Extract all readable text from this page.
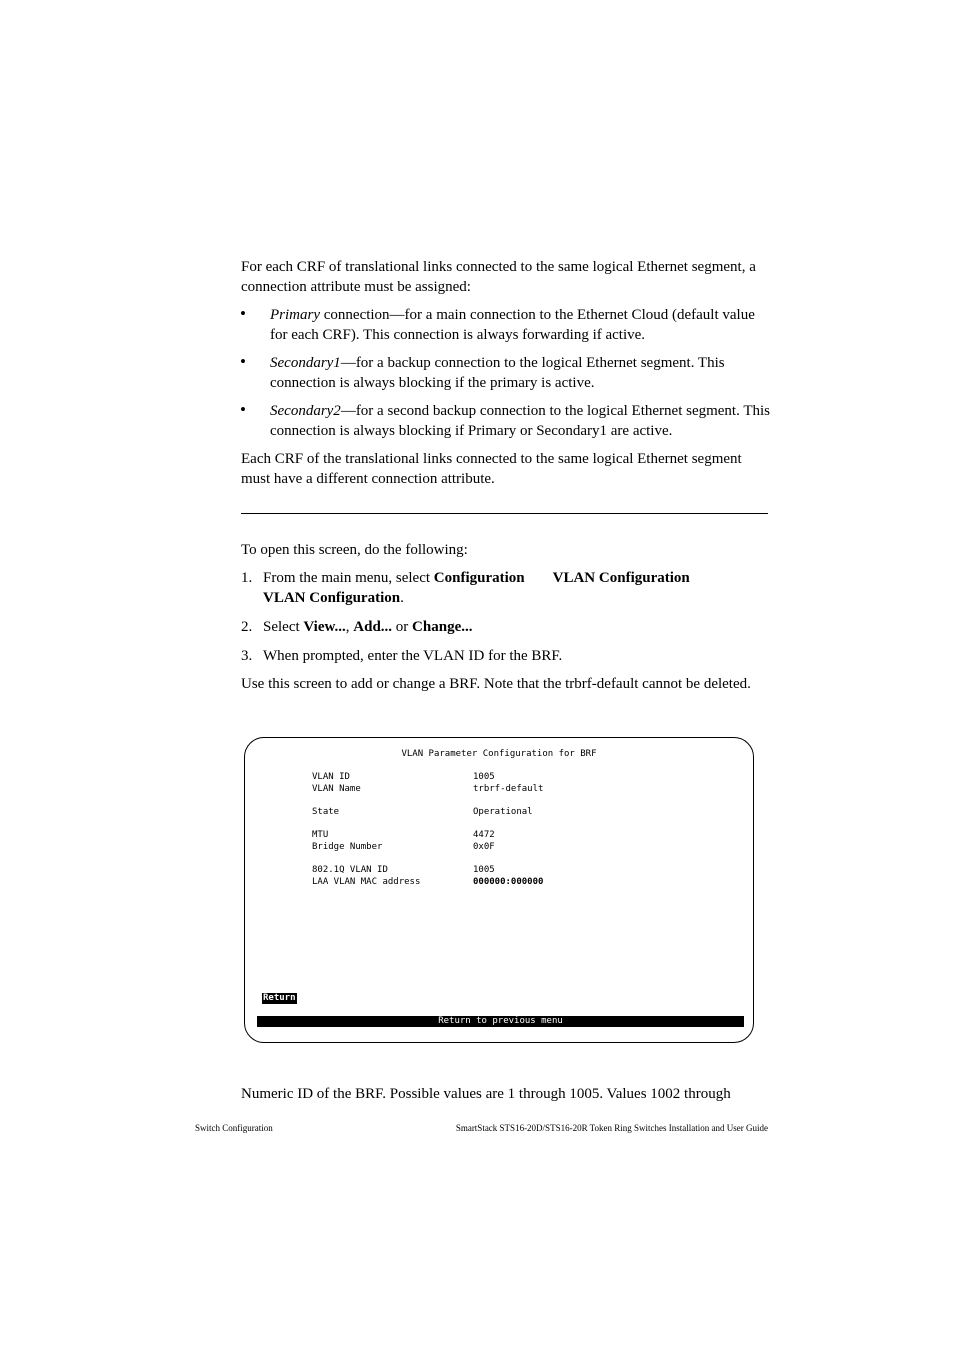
For each CRF of translational links connected to the same logical Ethernet segment, a connection attribute must be assigned:

• Primary connection—for a main connection to the Ethernet Cloud (default value for each CRF). This connection is always forwarding if active.

• Secondary1—for a backup connection to the logical Ethernet segment. This connection is always blocking if the primary is active.

• Secondary2—for a second backup connection to the logical Ethernet segment. This connection is always blocking if Primary or Secondary1 are active.

Each CRF of the translational links connected to the same logical Ethernet segment must have a different connection attribute.

To open this screen, do the following:

1. From the main menu, select Configuration VLAN Configuration
VLAN Configuration.

2. Select View..., Add... or Change...

3. When prompted, enter the VLAN ID for the BRF.

Use this screen to add or change a BRF. Note that the trbrf-default cannot be deleted.

VLAN Parameter Configuration for BRF
VLAN ID	1005
VLAN Name	trbrf-default
State	Operational
MTU	4472
Bridge Number	0x0F
802.1Q VLAN ID	1005
LAA VLAN MAC address	000000:000000
Return
Return to previous menu

Numeric ID of the BRF. Possible values are 1 through 1005. Values 1002 through

Switch Configuration	SmartStack STS16-20D/STS16-20R Token Ring Switches Installation and User Guide
